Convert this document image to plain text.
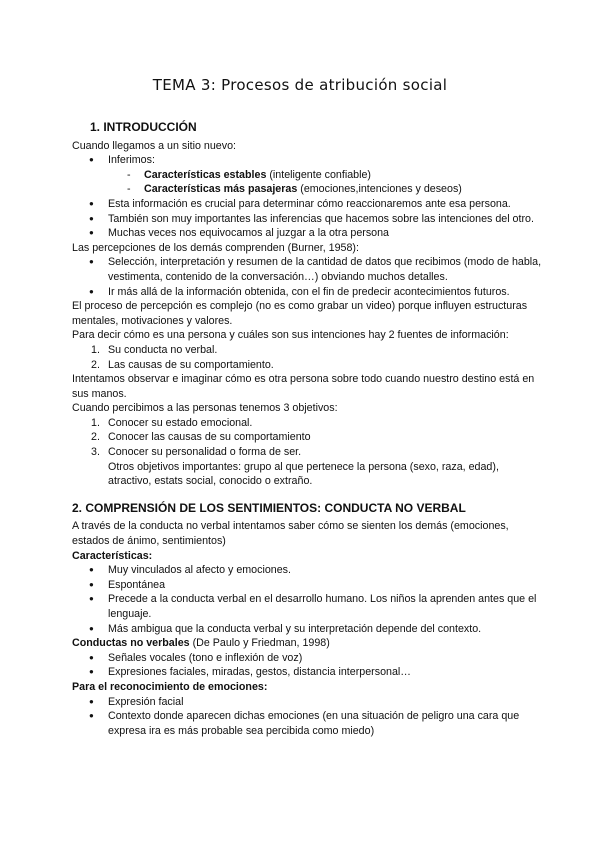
TEMA 3: Procesos de atribución social
1. INTRODUCCIÓN

Cuando llegamos a un sitio nuevo:

● Inferimos:
- Características estables (inteligente confiable)
- Características más pasajeras (emociones,intenciones y deseos)
● Esta información es crucial para determinar cómo reaccionaremos ante esa persona.
● También son muy importantes las inferencias que hacemos sobre las intenciones del otro.
● Muchas veces nos equivocamos al juzgar a la otra persona

Las percepciones de los demás comprenden (Burner, 1958):

● Selección, interpretación y resumen de la cantidad de datos que recibimos (modo de habla, vestimenta, contenido de la conversación…) obviando muchos detalles.
● Ir más allá de la información obtenida, con el fin de predecir acontecimientos futuros.

El proceso de percepción es complejo (no es como grabar un video) porque influyen estructuras mentales, motivaciones y valores.

Para decir cómo es una persona y cuáles son sus intenciones hay 2 fuentes de información:

1. Su conducta no verbal.
2. Las causas de su comportamiento.

Intentamos observar e imaginar cómo es otra persona sobre todo cuando nuestro destino está en sus manos.

Cuando percibimos a las personas tenemos 3 objetivos:

1. Conocer su estado emocional.
2. Conocer las causas de su comportamiento
3. Conocer su personalidad o forma de ser.

Otros objetivos importantes: grupo al que pertenece la persona (sexo, raza, edad), atractivo, estats social, conocido o extraño.

2. COMPRENSIÓN DE LOS SENTIMIENTOS: CONDUCTA NO VERBAL

A través de la conducta no verbal intentamos saber cómo se sienten los demás (emociones, estados de ánimo, sentimientos)

Características:

● Muy vinculados al afecto y emociones.
● Espontánea
● Precede a la conducta verbal en el desarrollo humano. Los niños la aprenden antes que el lenguaje.
● Más ambigua que la conducta verbal y su interpretación depende del contexto.

Conductas no verbales (De Paulo y Friedman, 1998)

● Señales vocales (tono e inflexión de voz)
● Expresiones faciales, miradas, gestos, distancia interpersonal…

Para el reconocimiento de emociones:

● Expresión facial
● Contexto donde aparecen dichas emociones (en una situación de peligro una cara que expresa ira es más probable sea percibida como miedo)
